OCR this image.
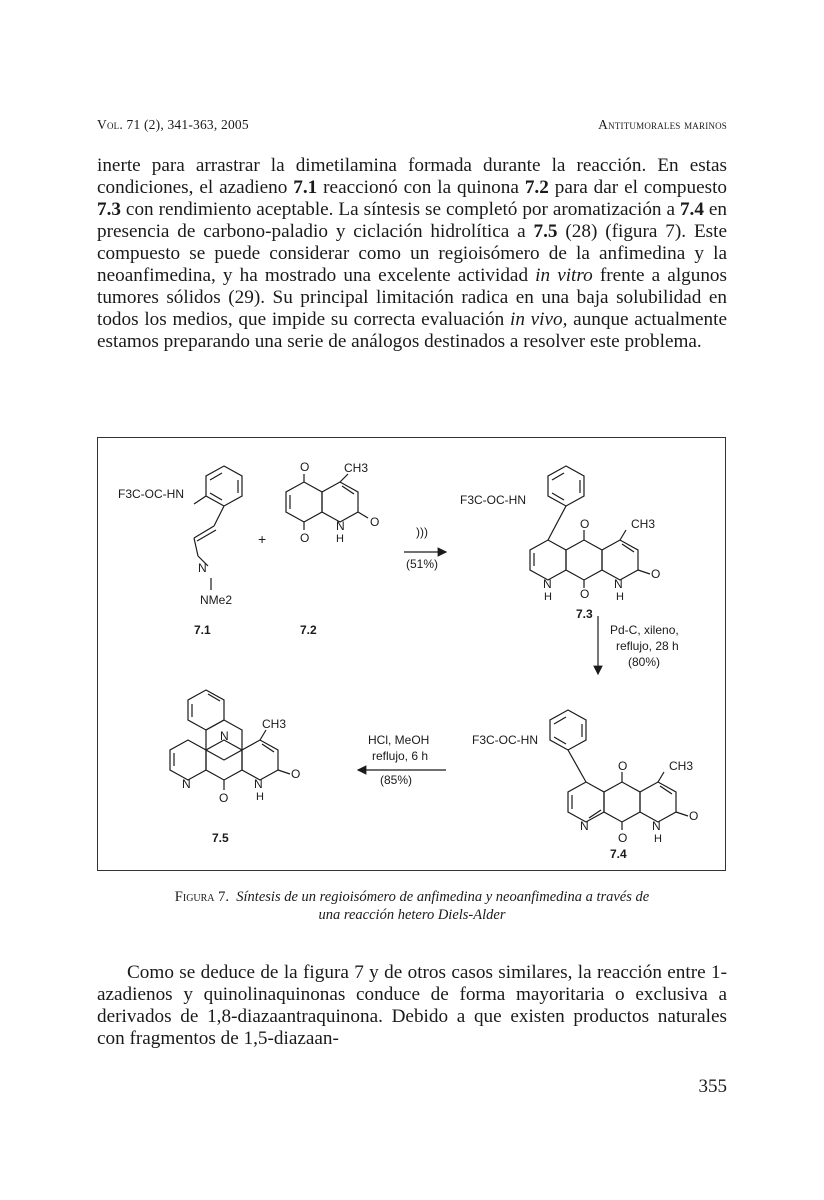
Vol. 71 (2), 341-363, 2005	Antitumorales marinos

inerte para arrastrar la dimetilamina formada durante la reacción. En estas condiciones, el azadieno 7.1 reaccionó con la quinona 7.2 para dar el compuesto 7.3 con rendimiento aceptable. La síntesis se completó por aromatización a 7.4 en presencia de carbono-paladio y ciclación hidrolítica a 7.5 (28) (figura 7). Este compuesto se puede considerar como un regioisómero de la anfimedina y la neoanfimedina, y ha mostrado una excelente actividad in vitro frente a algunos tumores sólidos (29). Su principal limitación radica en una baja solubilidad en todos los medios, que impide su correcta evaluación in vivo, aunque actualmente estamos preparando una serie de análogos destinados a resolver este problema.

F3C-OC-HN
N
NMe2
+
7.1
O
O
N
H
O
CH3
7.2
)))
(51%)
F3C-OC-HN
O
O
N
H
N
H
O
CH3
7.3
Pd-C, xileno,
reflujo, 28 h
(80%)
F3C-OC-HN
O
O
N	N
H
O
CH3
7.4
HCl, MeOH
reflujo, 6 h
(85%)
N
CH3
N
O
N
H
O
7.5
Figura 7. Síntesis de un regioisómero de anfimedina y neoanfimedina a través de
una reacción hetero Diels-Alder

Como se deduce de la figura 7 y de otros casos similares, la reacción entre 1-azadienos y quinolinaquinonas conduce de forma mayoritaria o exclusiva a derivados de 1,8-diazaantraquinona. Debido a que existen productos naturales con fragmentos de 1,5-diazaan-

355
